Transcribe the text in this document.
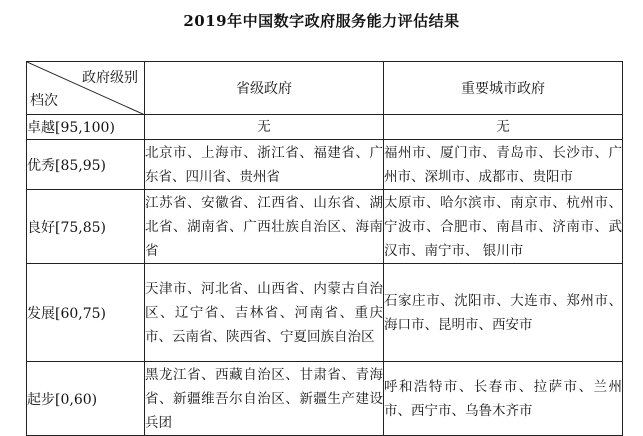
2019年中国数字政府服务能力评估结果
政府级别
档次	省级政府	重要城市政府
卓越[95,100)	无	无
优秀[85,95)	北京市、上海市、浙江省、福建省、广东省、四川省、贵州省	福州市、厦门市、青岛市、长沙市、广州市、深圳市、成都市、贵阳市
良好[75,85)	江苏省、安徽省、江西省、山东省、湖北省、湖南省、广西壮族自治区、海南省	太原市、哈尔滨市、南京市、杭州市、宁波市、合肥市、南昌市、济南市、武汉市、南宁市、 银川市
发展[60,75)	天津市、河北省、山西省、内蒙古自治区、辽宁省、吉林省、河南省、重庆市、云南省、陕西省、宁夏回族自治区	石家庄市、沈阳市、大连市、郑州市、海口市、昆明市、西安市
起步[0,60)	黑龙江省、西藏自治区、甘肃省、青海省、新疆维吾尔自治区、新疆生产建设兵团	呼和浩特市、长春市、拉萨市、兰州市、西宁市、乌鲁木齐市
